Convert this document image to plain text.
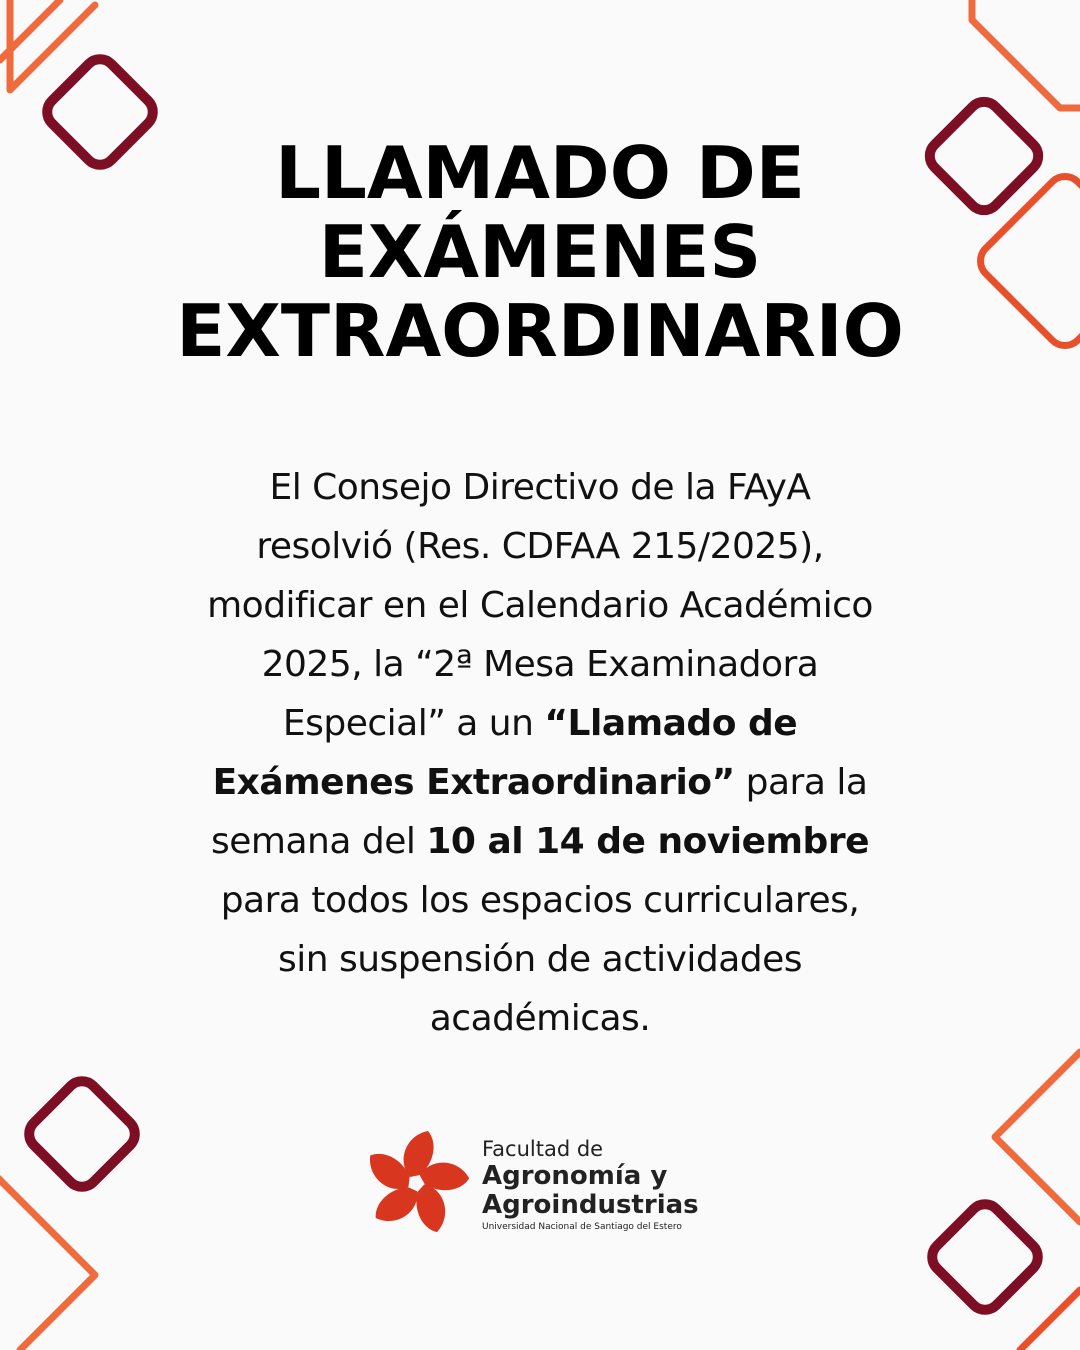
LLAMADO DE
EXÁMENES
EXTRAORDINARIO
El Consejo Directivo de la FAyA
resolvió (Res. CDFAA 215/2025),
modificar en el Calendario Académico
2025, la “2ª Mesa Examinadora
Especial” a un “Llamado de
Exámenes Extraordinario” para la
semana del 10 al 14 de noviembre
para todos los espacios curriculares,
sin suspensión de actividades
académicas.
Facultad de
Agronomía y
Agroindustrias
Universidad Nacional de Santiago del Estero
